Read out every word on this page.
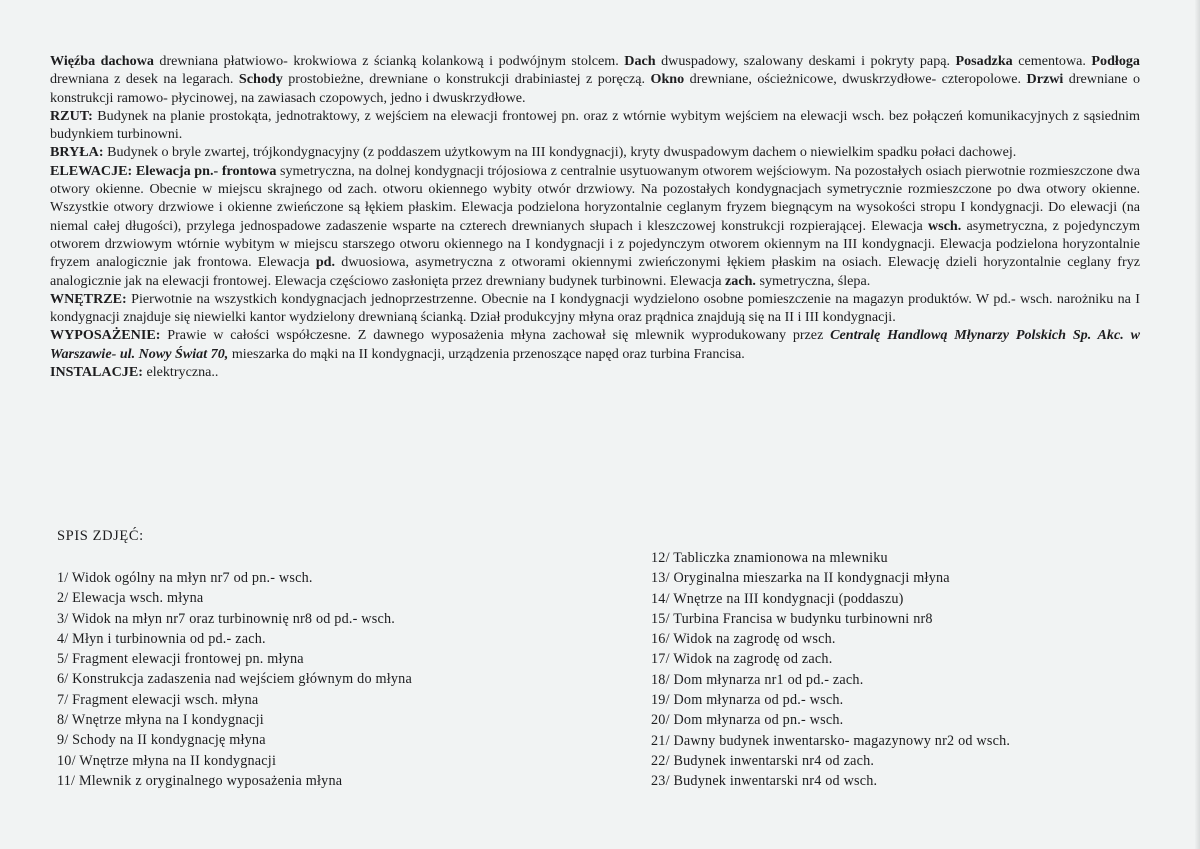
Więźba dachowa drewniana płatwiowo- krokwiowa z ścianką kolankową i podwójnym stolcem. Dach dwuspadowy, szalowany deskami i pokryty papą. Posadzka cementowa. Podłoga drewniana z desek na legarach. Schody prostobieżne, drewniane o konstrukcji drabiniastej z poręczą. Okno drewniane, ościeżnicowe, dwuskrzydłowe- czteropolowe. Drzwi drewniane o konstrukcji ramowo- płycinowej, na zawiasach czopowych, jedno i dwuskrzydłowe.

RZUT: Budynek na planie prostokąta, jednotraktowy, z wejściem na elewacji frontowej pn. oraz z wtórnie wybitym wejściem na elewacji wsch. bez połączeń komunikacyjnych z sąsiednim budynkiem turbinowni.

BRYŁA: Budynek o bryle zwartej, trójkondygnacyjny (z poddaszem użytkowym na III kondygnacji), kryty dwuspadowym dachem o niewielkim spadku połaci dachowej.

ELEWACJE: Elewacja pn.- frontowa symetryczna, na dolnej kondygnacji trójosiowa z centralnie usytuowanym otworem wejściowym. Na pozostałych osiach pierwotnie rozmieszczone dwa otwory okienne. Obecnie w miejscu skrajnego od zach. otworu okiennego wybity otwór drzwiowy. Na pozostałych kondygnacjach symetrycznie rozmieszczone po dwa otwory okienne. Wszystkie otwory drzwiowe i okienne zwieńczone są łękiem płaskim. Elewacja podzielona horyzontalnie ceglanym fryzem biegnącym na wysokości stropu I kondygnacji. Do elewacji (na niemal całej długości), przylega jednospadowe zadaszenie wsparte na czterech drewnianych słupach i kleszczowej konstrukcji rozpierającej. Elewacja wsch. asymetryczna, z pojedynczym otworem drzwiowym wtórnie wybitym w miejscu starszego otworu okiennego na I kondygnacji i z pojedynczym otworem okiennym na III kondygnacji. Elewacja podzielona horyzontalnie fryzem analogicznie jak frontowa. Elewacja pd. dwuosiowa, asymetryczna z otworami okiennymi zwieńczonymi łękiem płaskim na osiach. Elewację dzieli horyzontalnie ceglany fryz analogicznie jak na elewacji frontowej. Elewacja częściowo zasłonięta przez drewniany budynek turbinowni. Elewacja zach. symetryczna, ślepa.

WNĘTRZE: Pierwotnie na wszystkich kondygnacjach jednoprzestrzenne. Obecnie na I kondygnacji wydzielono osobne pomieszczenie na magazyn produktów. W pd.- wsch. narożniku na I kondygnacji znajduje się niewielki kantor wydzielony drewnianą ścianką. Dział produkcyjny młyna oraz prądnica znajdują się na II i III kondygnacji.

WYPOSAŻENIE: Prawie w całości współczesne. Z dawnego wyposażenia młyna zachował się mlewnik wyprodukowany przez Centralę Handlową Młynarzy Polskich Sp. Akc. w Warszawie- ul. Nowy Świat 70, mieszarka do mąki na II kondygnacji, urządzenia przenoszące napęd oraz turbina Francisa.

INSTALACJE: elektryczna..

SPIS ZDJĘĆ:
1/ Widok ogólny na młyn nr7 od pn.- wsch.
2/ Elewacja wsch. młyna
3/ Widok na młyn nr7 oraz turbinownię nr8 od pd.- wsch.
4/ Młyn i turbinownia od pd.- zach.
5/ Fragment elewacji frontowej pn. młyna
6/ Konstrukcja zadaszenia nad wejściem głównym do młyna
7/ Fragment elewacji wsch. młyna
8/ Wnętrze młyna na I kondygnacji
9/ Schody na II kondygnację młyna
10/ Wnętrze młyna na II kondygnacji
11/ Mlewnik z oryginalnego wyposażenia młyna
12/ Tabliczka znamionowa na mlewniku
13/ Oryginalna mieszarka na II kondygnacji młyna
14/ Wnętrze na III kondygnacji (poddaszu)
15/ Turbina Francisa w budynku turbinowni nr8
16/ Widok na zagrodę od wsch.
17/ Widok na zagrodę od zach.
18/ Dom młynarza nr1 od pd.- zach.
19/ Dom młynarza od pd.- wsch.
20/ Dom młynarza od pn.- wsch.
21/ Dawny budynek inwentarsko- magazynowy nr2 od wsch.
22/ Budynek inwentarski nr4 od zach.
23/ Budynek inwentarski nr4 od wsch.
